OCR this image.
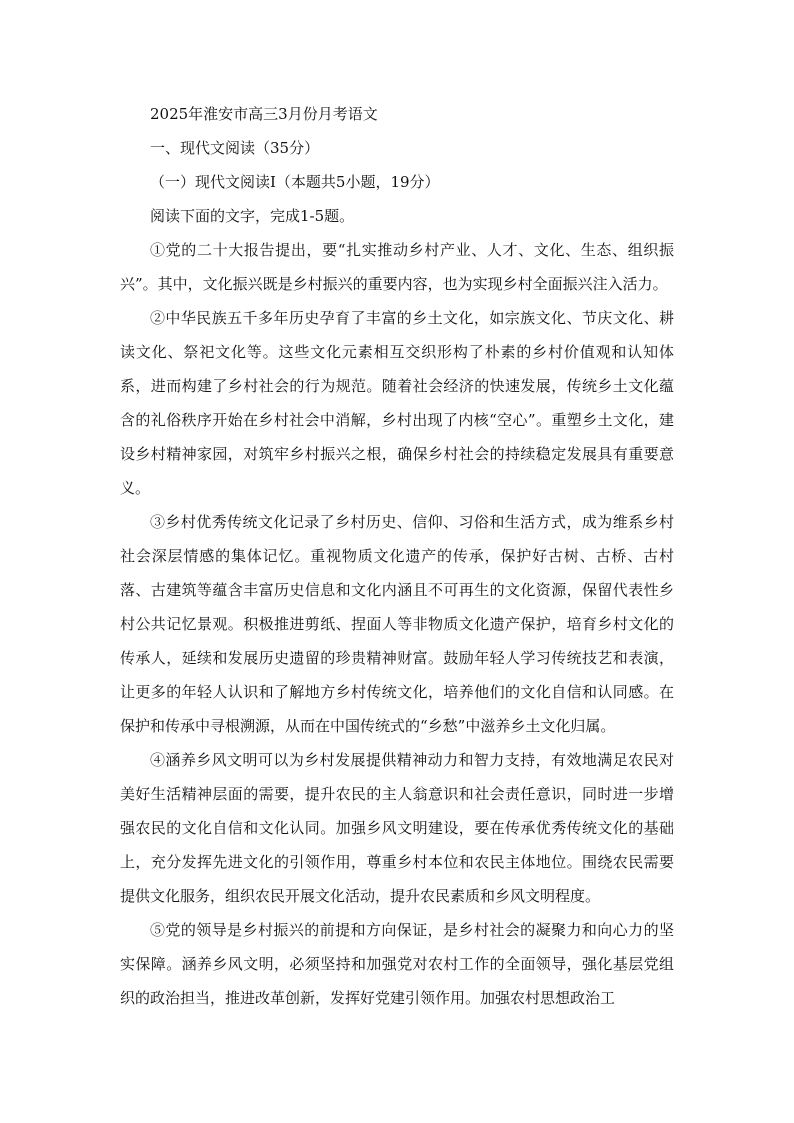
2025年淮安市高三3月份月考语文
一、现代文阅读（35分）
（一）现代文阅读Ⅰ（本题共5小题，19分）
阅读下面的文字，完成1-5题。

①党的二十大报告提出，要“扎实推动乡村产业、人才、文化、生态、组织振兴”。其中，文化振兴既是乡村振兴的重要内容，也为实现乡村全面振兴注入活力。

②中华民族五千多年历史孕育了丰富的乡土文化，如宗族文化、节庆文化、耕读文化、祭祀文化等。这些文化元素相互交织形构了朴素的乡村价值观和认知体系，进而构建了乡村社会的行为规范。随着社会经济的快速发展，传统乡土文化蕴含的礼俗秩序开始在乡村社会中消解，乡村出现了内核“空心”。重塑乡土文化，建设乡村精神家园，对筑牢乡村振兴之根，确保乡村社会的持续稳定发展具有重要意义。

③乡村优秀传统文化记录了乡村历史、信仰、习俗和生活方式，成为维系乡村社会深层情感的集体记忆。重视物质文化遗产的传承，保护好古树、古桥、古村落、古建筑等蕴含丰富历史信息和文化内涵且不可再生的文化资源，保留代表性乡村公共记忆景观。积极推进剪纸、捏面人等非物质文化遗产保护，培育乡村文化的传承人，延续和发展历史遗留的珍贵精神财富。鼓励年轻人学习传统技艺和表演，让更多的年轻人认识和了解地方乡村传统文化，培养他们的文化自信和认同感。在保护和传承中寻根溯源，从而在中国传统式的“乡愁”中滋养乡土文化归属。

④涵养乡风文明可以为乡村发展提供精神动力和智力支持，有效地满足农民对美好生活精神层面的需要，提升农民的主人翁意识和社会责任意识，同时进一步增强农民的文化自信和文化认同。加强乡风文明建设，要在传承优秀传统文化的基础上，充分发挥先进文化的引领作用，尊重乡村本位和农民主体地位。围绕农民需要提供文化服务，组织农民开展文化活动，提升农民素质和乡风文明程度。

⑤党的领导是乡村振兴的前提和方向保证，是乡村社会的凝聚力和向心力的坚实保障。涵养乡风文明，必须坚持和加强党对农村工作的全面领导，强化基层党组织的政治担当，推进改革创新，发挥好党建引领作用。加强农村思想政治工
